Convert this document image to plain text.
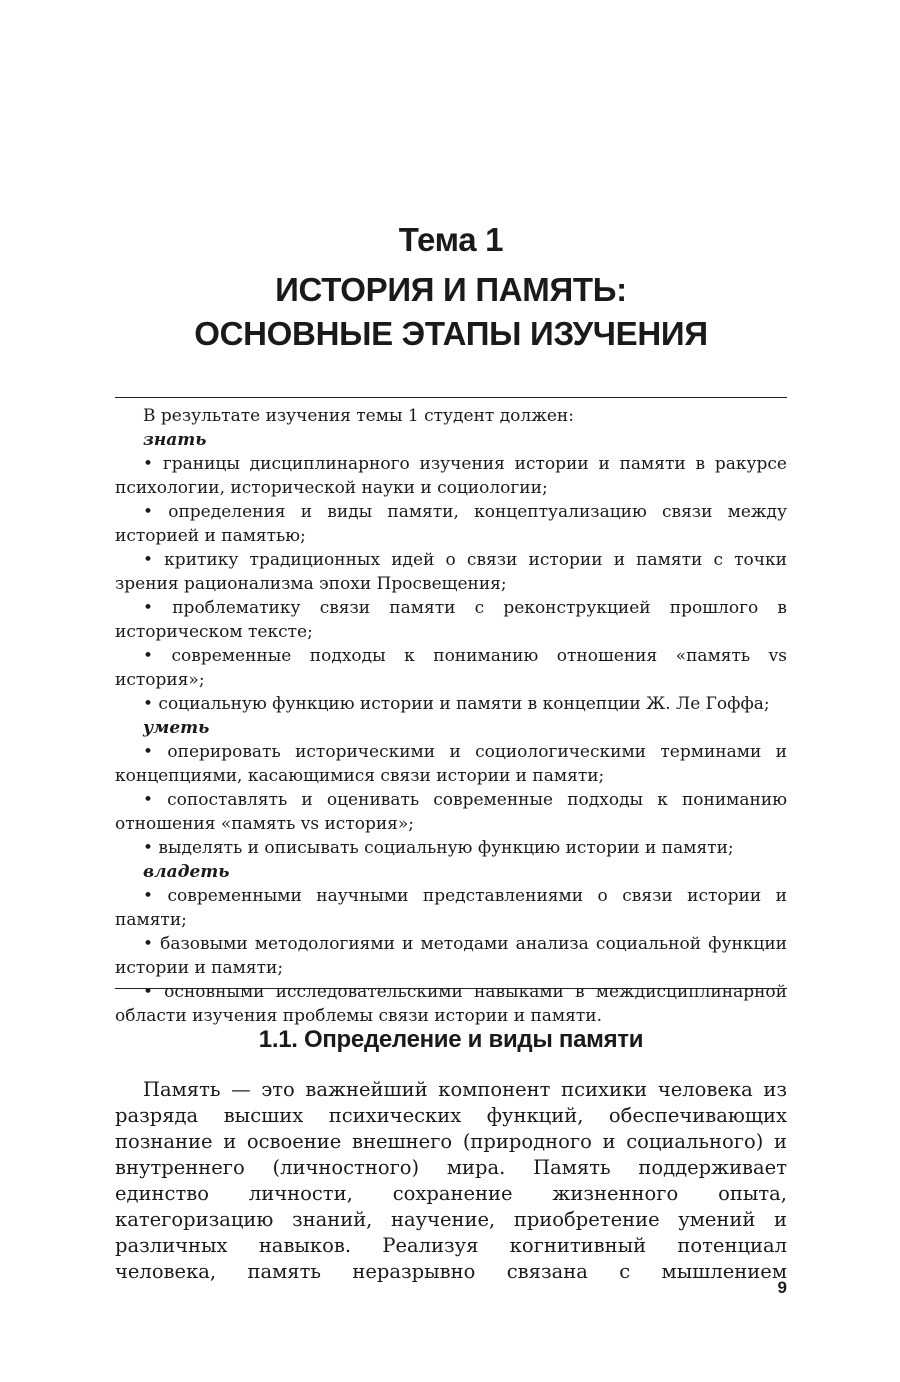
Тема 1
ИСТОРИЯ И ПАМЯТЬ:
ОСНОВНЫЕ ЭТАПЫ ИЗУЧЕНИЯ

В результате изучения темы 1 студент должен:

знать

• границы дисциплинарного изучения истории и памяти в ракурсе психологии, исторической науки и социологии;

• определения и виды памяти, концептуализацию связи между историей и памятью;

• критику традиционных идей о связи истории и памяти с точки зрения рационализма эпохи Просвещения;

• проблематику связи памяти с реконструкцией прошлого в историческом тексте;

• современные подходы к пониманию отношения «память vs история»;

• социальную функцию истории и памяти в концепции Ж. Ле Гоффа;

уметь

• оперировать историческими и социологическими терминами и концепциями, касающимися связи истории и памяти;

• сопоставлять и оценивать современные подходы к пониманию отношения «память vs история»;

• выделять и описывать социальную функцию истории и памяти;

владеть

• современными научными представлениями о связи истории и памяти;

• базовыми методологиями и методами анализа социальной функции истории и памяти;

• основными исследовательскими навыками в междисциплинарной области изучения проблемы связи истории и памяти.

1.1. Определение и виды памяти

Память — это важнейший компонент психики человека из разряда высших психических функций, обеспечивающих познание и освоение внешнего (природного и социального) и внутреннего (личностного) мира. Память поддерживает единство личности, сохранение жизненного опыта, категоризацию знаний, научение, приобретение умений и различных навыков. Реализуя когнитивный потенциал человека, память неразрывно связана с мышлением

9
